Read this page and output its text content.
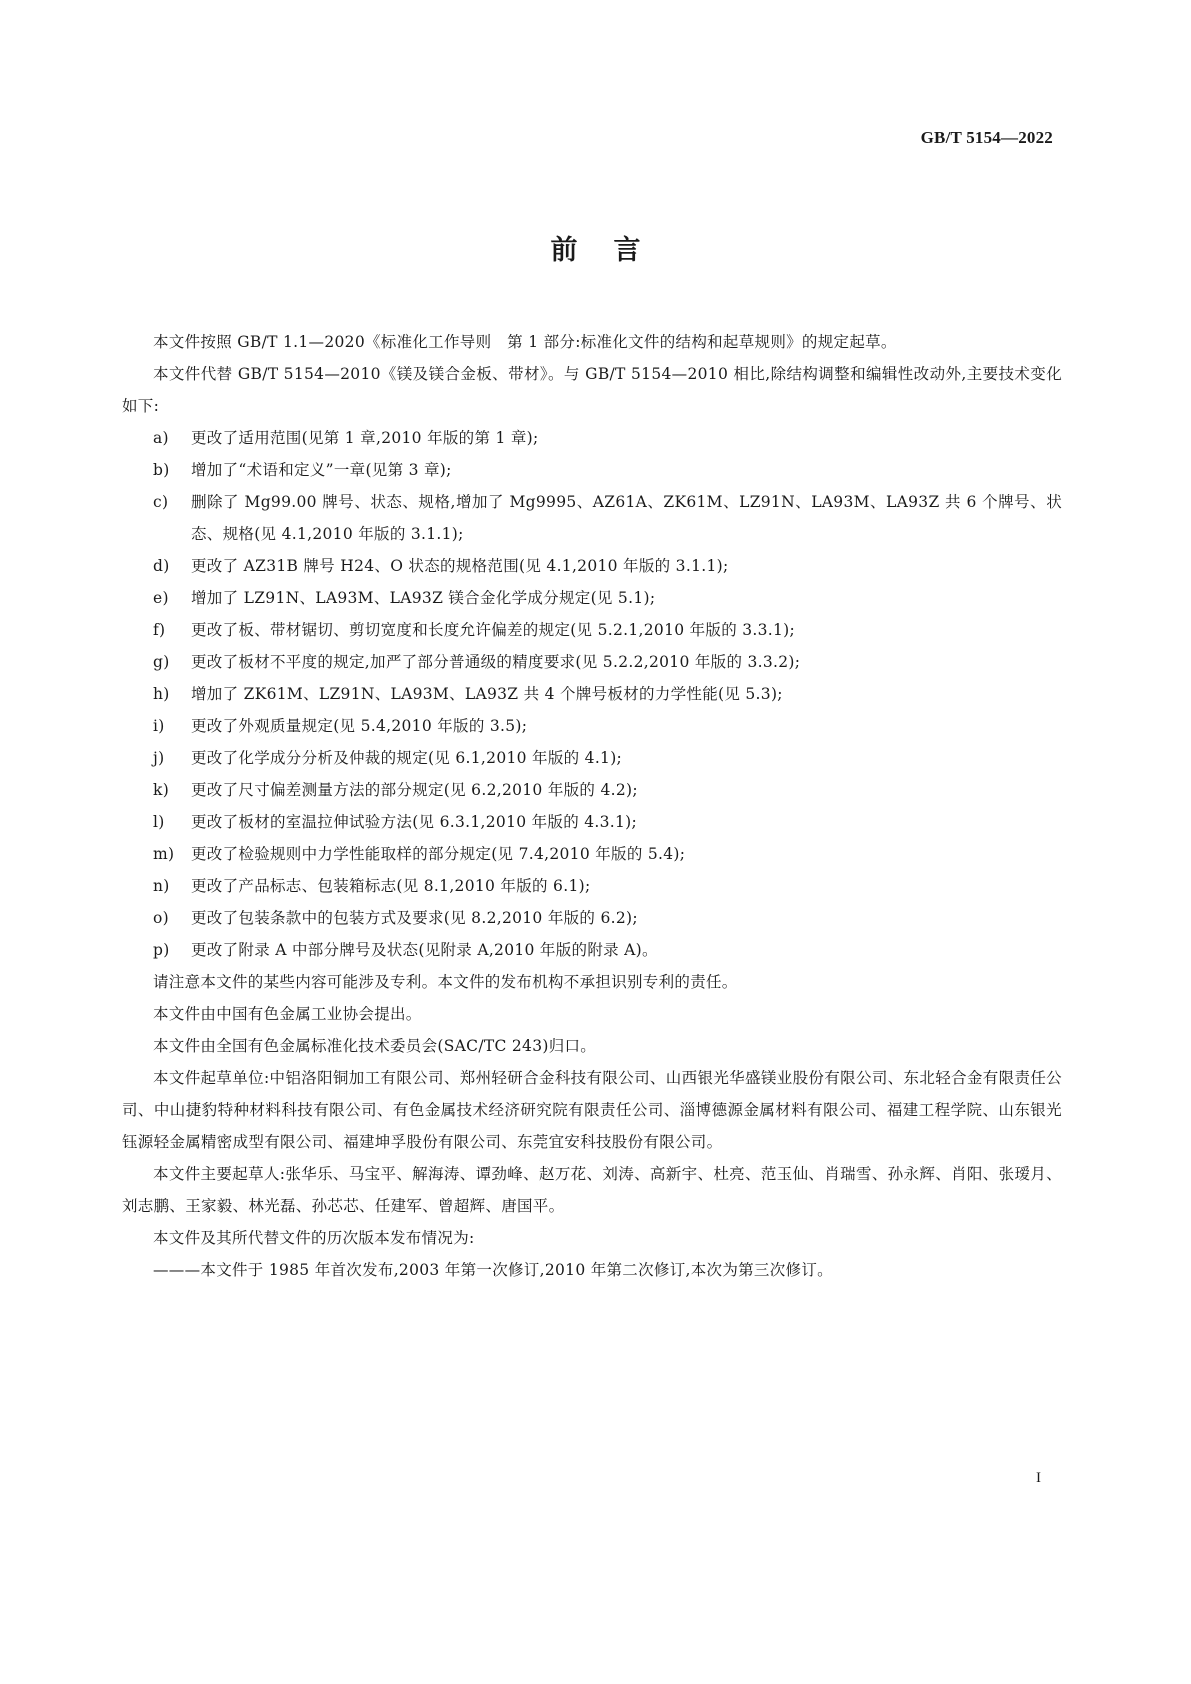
GB/T 5154—2022
前言

本文件按照 GB/T 1.1—2020《标准化工作导则　第 1 部分:标准化文件的结构和起草规则》的规定起草。

本文件代替 GB/T 5154—2010《镁及镁合金板、带材》。与 GB/T 5154—2010 相比,除结构调整和编辑性改动外,主要技术变化如下:

a)	更改了适用范围(见第 1 章,2010 年版的第 1 章);
b)	增加了“术语和定义”一章(见第 3 章);
c)	删除了 Mg99.00 牌号、状态、规格,增加了 Mg9995、AZ61A、ZK61M、LZ91N、LA93M、LA93Z 共 6 个牌号、状态、规格(见 4.1,2010 年版的 3.1.1);
d)	更改了 AZ31B 牌号 H24、O 状态的规格范围(见 4.1,2010 年版的 3.1.1);
e)	增加了 LZ91N、LA93M、LA93Z 镁合金化学成分规定(见 5.1);
f)	更改了板、带材锯切、剪切宽度和长度允许偏差的规定(见 5.2.1,2010 年版的 3.3.1);
g)	更改了板材不平度的规定,加严了部分普通级的精度要求(见 5.2.2,2010 年版的 3.3.2);
h)	增加了 ZK61M、LZ91N、LA93M、LA93Z 共 4 个牌号板材的力学性能(见 5.3);
i)	更改了外观质量规定(见 5.4,2010 年版的 3.5);
j)	更改了化学成分分析及仲裁的规定(见 6.1,2010 年版的 4.1);
k)	更改了尺寸偏差测量方法的部分规定(见 6.2,2010 年版的 4.2);
l)	更改了板材的室温拉伸试验方法(见 6.3.1,2010 年版的 4.3.1);
m)	更改了检验规则中力学性能取样的部分规定(见 7.4,2010 年版的 5.4);
n)	更改了产品标志、包装箱标志(见 8.1,2010 年版的 6.1);
o)	更改了包装条款中的包装方式及要求(见 8.2,2010 年版的 6.2);
p)	更改了附录 A 中部分牌号及状态(见附录 A,2010 年版的附录 A)。

请注意本文件的某些内容可能涉及专利。本文件的发布机构不承担识别专利的责任。

本文件由中国有色金属工业协会提出。

本文件由全国有色金属标准化技术委员会(SAC/TC 243)归口。

本文件起草单位:中铝洛阳铜加工有限公司、郑州轻研合金科技有限公司、山西银光华盛镁业股份有限公司、东北轻合金有限责任公司、中山捷豹特种材料科技有限公司、有色金属技术经济研究院有限责任公司、淄博德源金属材料有限公司、福建工程学院、山东银光钰源轻金属精密成型有限公司、福建坤孚股份有限公司、东莞宜安科技股份有限公司。

本文件主要起草人:张华乐、马宝平、解海涛、谭劲峰、赵万花、刘涛、高新宇、杜亮、范玉仙、肖瑞雪、孙永辉、肖阳、张瑷月、刘志鹏、王家毅、林光磊、孙芯芯、任建军、曾超辉、唐国平。

本文件及其所代替文件的历次版本发布情况为:

———本文件于 1985 年首次发布,2003 年第一次修订,2010 年第二次修订,本次为第三次修订。

I
